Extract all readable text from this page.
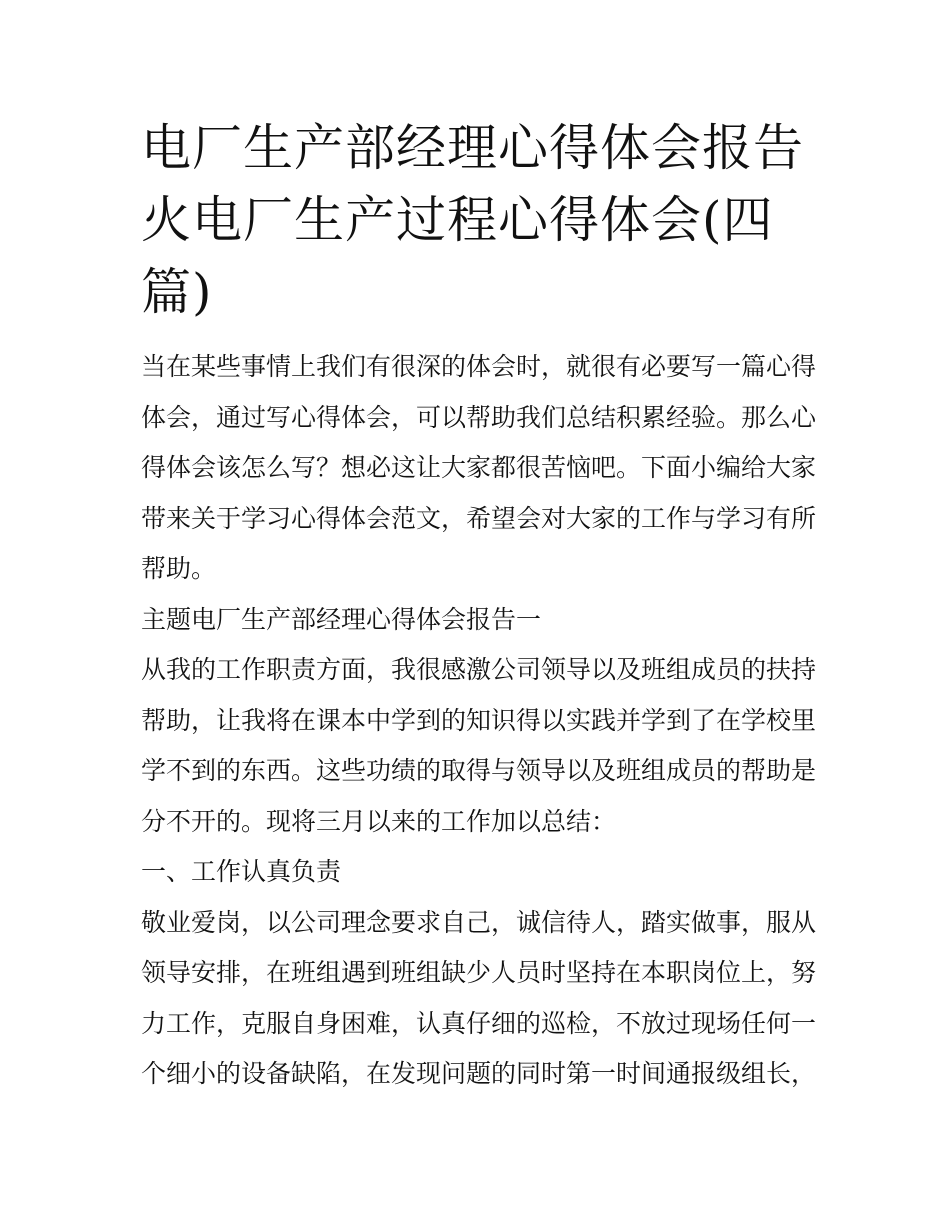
电厂生产部经理心得体会报告火电厂生产过程心得体会(四篇)

当在某些事情上我们有很深的体会时，就很有必要写一篇心得体会，通过写心得体会，可以帮助我们总结积累经验。那么心得体会该怎么写？想必这让大家都很苦恼吧。下面小编给大家带来关于学习心得体会范文，希望会对大家的工作与学习有所帮助。

主题电厂生产部经理心得体会报告一

从我的工作职责方面，我很感激公司领导以及班组成员的扶持帮助，让我将在课本中学到的知识得以实践并学到了在学校里学不到的东西。这些功绩的取得与领导以及班组成员的帮助是分不开的。现将三月以来的工作加以总结：

一、工作认真负责

敬业爱岗，以公司理念要求自己，诚信待人，踏实做事，服从领导安排，在班组遇到班组缺少人员时坚持在本职岗位上，努力工作，克服自身困难，认真仔细的巡检，不放过现场任何一个细小的设备缺陷，在发现问题的同时第一时间通报级组长，
